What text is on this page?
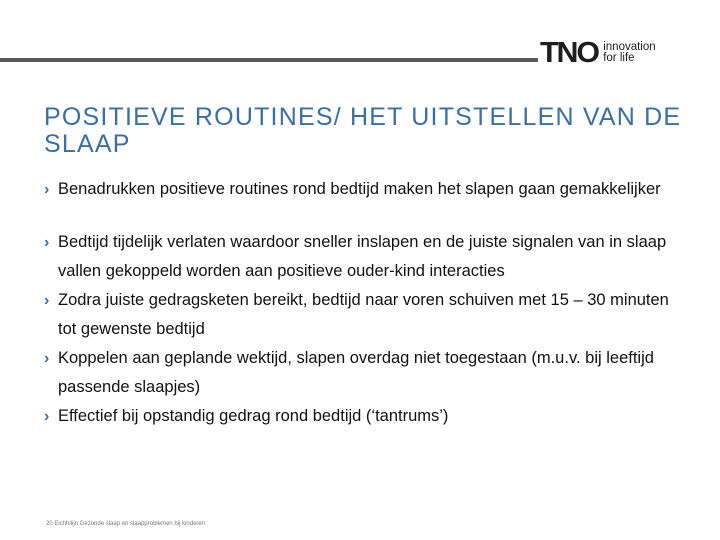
TNO innovation
for life
POSITIEVE ROUTINES/ HET UITSTELLEN VAN DE SLAAP
› Benadrukken positieve routines rond bedtijd maken het slapen gaan gemakkelijker
› Bedtijd tijdelijk verlaten waardoor sneller inslapen en de juiste signalen van in slaap vallen gekoppeld worden aan positieve ouder-kind interacties
› Zodra juiste gedragsketen bereikt, bedtijd naar voren schuiven met 15 – 30 minuten tot gewenste bedtijd
› Koppelen aan geplande wektijd, slapen overdag niet toegestaan (m.u.v. bij leeftijd passende slaapjes)
› Effectief bij opstandig gedrag rond bedtijd (‘tantrums’)
20 Eichhilijn Gezonde slaap en slaapproblemen bij kinderen
